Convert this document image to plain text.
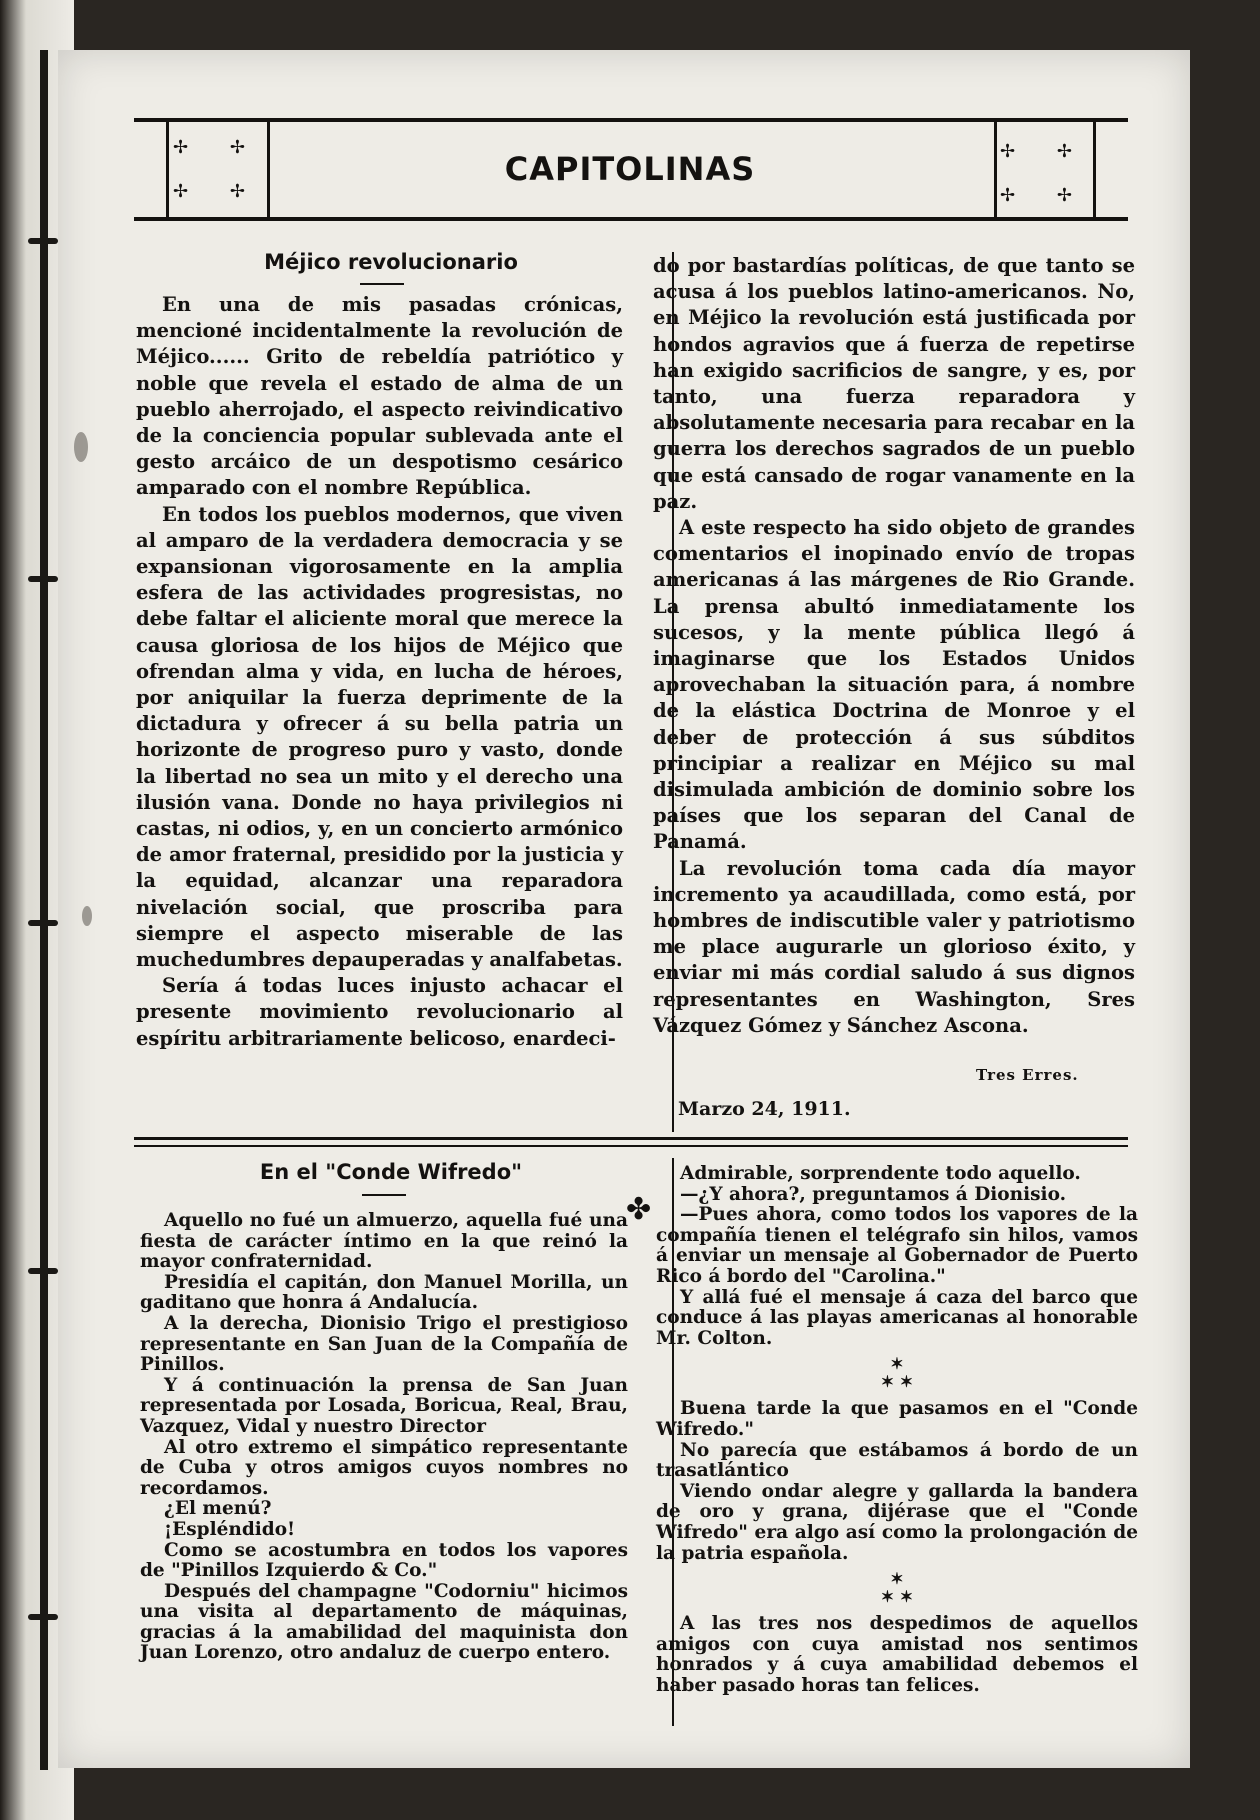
✢ ✢
✢ ✢
✢ ✢
✢ ✢
CAPITOLINAS
Méjico revolucionario

En una de mis pasadas crónicas, mencioné incidentalmente la revolución de Méjico...... Grito de rebeldía patriótico y noble que revela el estado de alma de un pueblo aherrojado, el aspecto reivindicativo de la conciencia popular sublevada ante el gesto arcáico de un despotismo cesárico amparado con el nombre República.

En todos los pueblos modernos, que viven al amparo de la verdadera democracia y se expansionan vigorosamente en la amplia esfera de las actividades progresistas, no debe faltar el aliciente moral que merece la causa gloriosa de los hijos de Méjico que ofrendan alma y vida, en lucha de héroes, por aniquilar la fuerza deprimente de la dictadura y ofrecer á su bella patria un horizonte de progreso puro y vasto, donde la libertad no sea un mito y el derecho una ilusión vana. Donde no haya privilegios ni castas, ni odios, y, en un concierto armónico de amor fraternal, presidido por la justicia y la equidad, alcanzar una reparadora nivelación social, que proscriba para siempre el aspecto miserable de las muchedumbres depauperadas y analfabetas.

Sería á todas luces injusto achacar el presente movimiento revolucionario al espíritu arbitrariamente belicoso, enardeci-

do por bastardías políticas, de que tanto se acusa á los pueblos latino-americanos. No, en Méjico la revolución está justificada por hondos agravios que á fuerza de repetirse han exigido sacrificios de sangre, y es, por tanto, una fuerza reparadora y absolutamente necesaria para recabar en la guerra los derechos sagrados de un pueblo que está cansado de rogar vanamente en la paz.

A este respecto ha sido objeto de grandes comentarios el inopinado envío de tropas americanas á las márgenes de Rio Grande. La prensa abultó inmediatamente los sucesos, y la mente pública llegó á imaginarse que los Estados Unidos aprovechaban la situación para, á nombre de la elástica Doctrina de Monroe y el deber de protección á sus súbditos principiar a realizar en Méjico su mal disimulada ambición de dominio sobre los países que los separan del Canal de Panamá.

La revolución toma cada día mayor incremento ya acaudillada, como está, por hombres de indiscutible valer y patriotismo me place augurarle un glorioso éxito, y enviar mi más cordial saludo á sus dignos representantes en Washington, Sres Vázquez Gómez y Sánchez Ascona.

Tres Erres.
Marzo 24, 1911.
En el "Conde Wifredo"

Aquello no fué un almuerzo, aquella fué una fiesta de carácter íntimo en la que reinó la mayor confraternidad.

Presidía el capitán, don Manuel Morilla, un gaditano que honra á Andalucía.

A la derecha, Dionisio Trigo el prestigioso representante en San Juan de la Compañía de Pinillos.

Y á continuación la prensa de San Juan representada por Losada, Boricua, Real, Brau, Vazquez, Vidal y nuestro Director

Al otro extremo el simpático representante de Cuba y otros amigos cuyos nombres no recordamos.

¿El menú?

¡Espléndido!

Como se acostumbra en todos los vapores de "Pinillos Izquierdo & Co."

Después del champagne "Codorniu" hicimos una visita al departamento de máquinas, gracias á la amabilidad del maquinista don Juan Lorenzo, otro andaluz de cuerpo entero.

✤

Admirable, sorprendente todo aquello.

—¿Y ahora?, preguntamos á Dionisio.

—Pues ahora, como todos los vapores de la compañía tienen el telégrafo sin hilos, vamos á enviar un mensaje al Gobernador de Puerto Rico á bordo del "Carolina."

Y allá fué el mensaje á caza del barco que conduce á las playas americanas al honorable Mr. Colton.

✶
✶ ✶

Buena tarde la que pasamos en el "Conde Wifredo."

No parecía que estábamos á bordo de un trasatlántico

Viendo ondar alegre y gallarda la bandera de oro y grana, dijérase que el "Conde Wifredo" era algo así como la prolongación de la patria española.

✶
✶ ✶

A las tres nos despedimos de aquellos amigos con cuya amistad nos sentimos honrados y á cuya amabilidad debemos el haber pasado horas tan felices.
